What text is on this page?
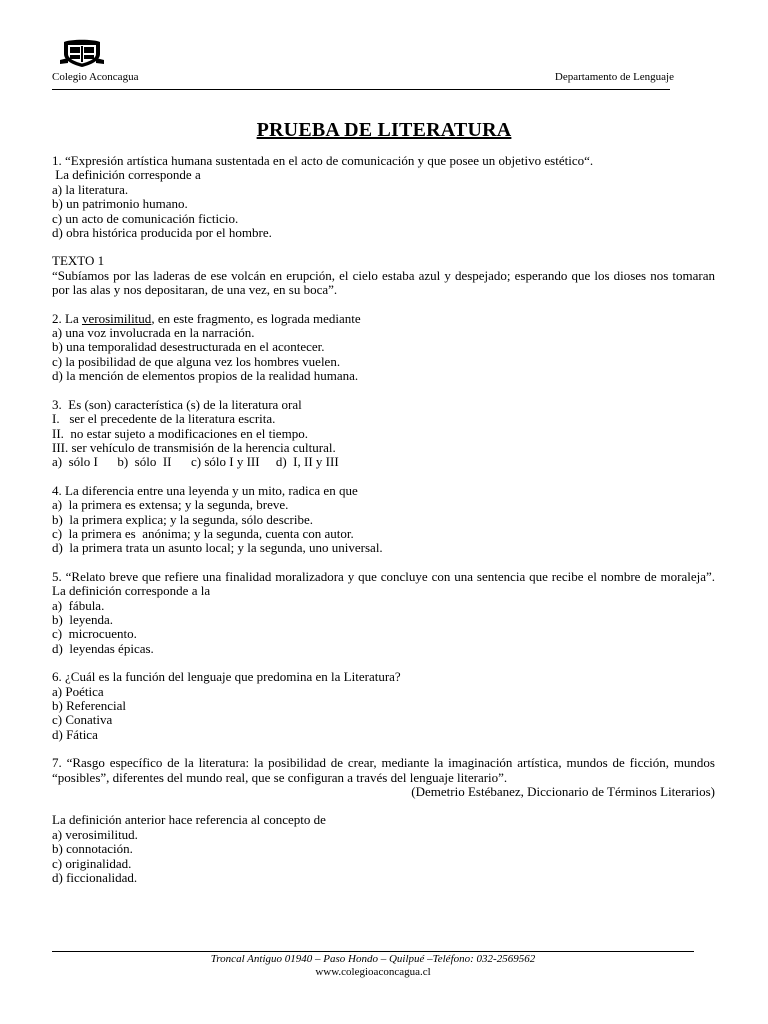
Colegio Aconcagua	Departamento de Lenguaje
PRUEBA DE LITERATURA
1. “Expresión artística humana sustentada en el acto de comunicación y que posee un objetivo estético“.
La definición corresponde a
a) la literatura.
b) un patrimonio humano.
c) un acto de comunicación ficticio.
d) obra histórica producida por el hombre.
TEXTO 1
“Subíamos por las laderas de ese volcán en erupción, el cielo estaba azul y despejado; esperando que los dioses nos tomaran por las alas y nos depositaran, de una vez, en su boca”.
2. La verosimilitud, en este fragmento, es lograda mediante
a) una voz involucrada en la narración.
b) una temporalidad desestructurada en el acontecer.
c) la posibilidad de que alguna vez los hombres vuelen.
d) la mención de elementos propios de la realidad humana.
3.  Es (son) característica (s) de la literatura oral
I.   ser el precedente de la literatura escrita.
II.  no estar sujeto a modificaciones en el tiempo.
III. ser vehículo de transmisión de la herencia cultural.
a)  sólo I      b)  sólo  II      c) sólo I y III     d)  I, II y III
4. La diferencia entre una leyenda y un mito, radica en que
a)  la primera es extensa; y la segunda, breve.
b)  la primera explica; y la segunda, sólo describe.
c)  la primera es  anónima; y la segunda, cuenta con autor.
d)  la primera trata un asunto local; y la segunda, uno universal.
5. “Relato breve que refiere una finalidad moralizadora y que concluye con una sentencia que recibe el nombre de moraleja”. La definición corresponde a la
a)  fábula.
b)  leyenda.
c)  microcuento.
d)  leyendas épicas.
6. ¿Cuál es la función del lenguaje que predomina en la Literatura?
a) Poética
b) Referencial
c) Conativa
d) Fática
7. “Rasgo específico de la literatura: la posibilidad de crear, mediante la imaginación artística, mundos de ficción, mundos “posibles”, diferentes del mundo real, que se configuran a través del lenguaje literario”.
(Demetrio Estébanez, Diccionario de Términos Literarios)
La definición anterior hace referencia al concepto de
a) verosimilitud.
b) connotación.
c) originalidad.
d) ficcionalidad.
Troncal Antiguo 01940 – Paso Hondo – Quilpué –Teléfono: 032-2569562
www.colegioaconcagua.cl
